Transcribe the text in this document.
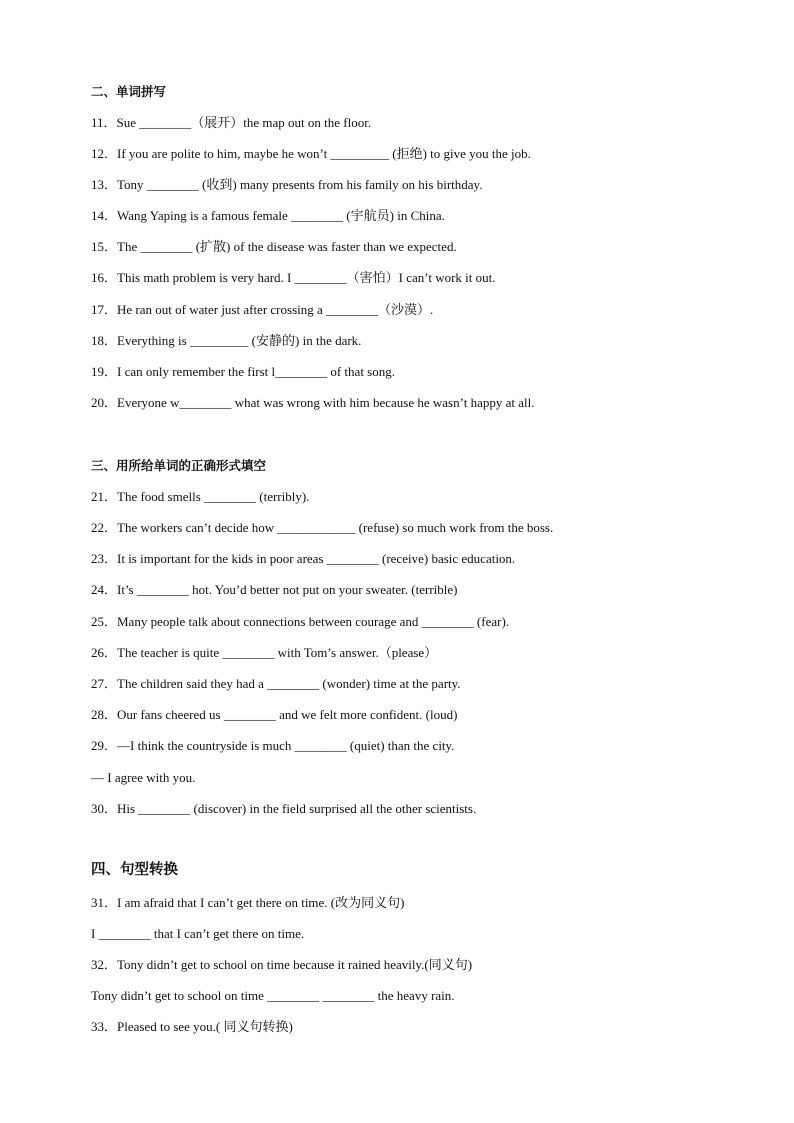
二、单词拼写
11．Sue ________（展开）the map out on the floor.
12．If you are polite to him, maybe he won’t _________ (拒绝) to give you the job.
13．Tony ________ (收到) many presents from his family on his birthday.
14．Wang Yaping is a famous female ________ (宇航员) in China.
15．The ________ (扩散) of the disease was faster than we expected.
16．This math problem is very hard. I ________（害怕）I can’t work it out.
17．He ran out of water just after crossing a ________（沙漠）.
18．Everything is _________ (安静的) in the dark.
19．I can only remember the first l________ of that song.
20．Everyone w________ what was wrong with him because he wasn’t happy at all.
三、用所给单词的正确形式填空
21．The food smells ________ (terribly).
22．The workers can’t decide how ____________ (refuse) so much work from the boss.
23．It is important for the kids in poor areas ________ (receive) basic education.
24．It’s ________ hot. You’d better not put on your sweater. (terrible)
25．Many people talk about connections between courage and ________ (fear).
26．The teacher is quite ________ with Tom’s answer.（please）
27．The children said they had a ________ (wonder) time at the party.
28．Our fans cheered us ________ and we felt more confident. (loud)
29．—I think the countryside is much ________ (quiet) than the city.
— I agree with you.
30．His ________ (discover) in the field surprised all the other scientists.
四、句型转换
31．I am afraid that I can’t get there on time. (改为同义句)
I ________ that I can’t get there on time.
32．Tony didn’t get to school on time because it rained heavily.(同义句)
Tony didn’t get to school on time ________ ________ the heavy rain.
33．Pleased to see you.( 同义句转换)
